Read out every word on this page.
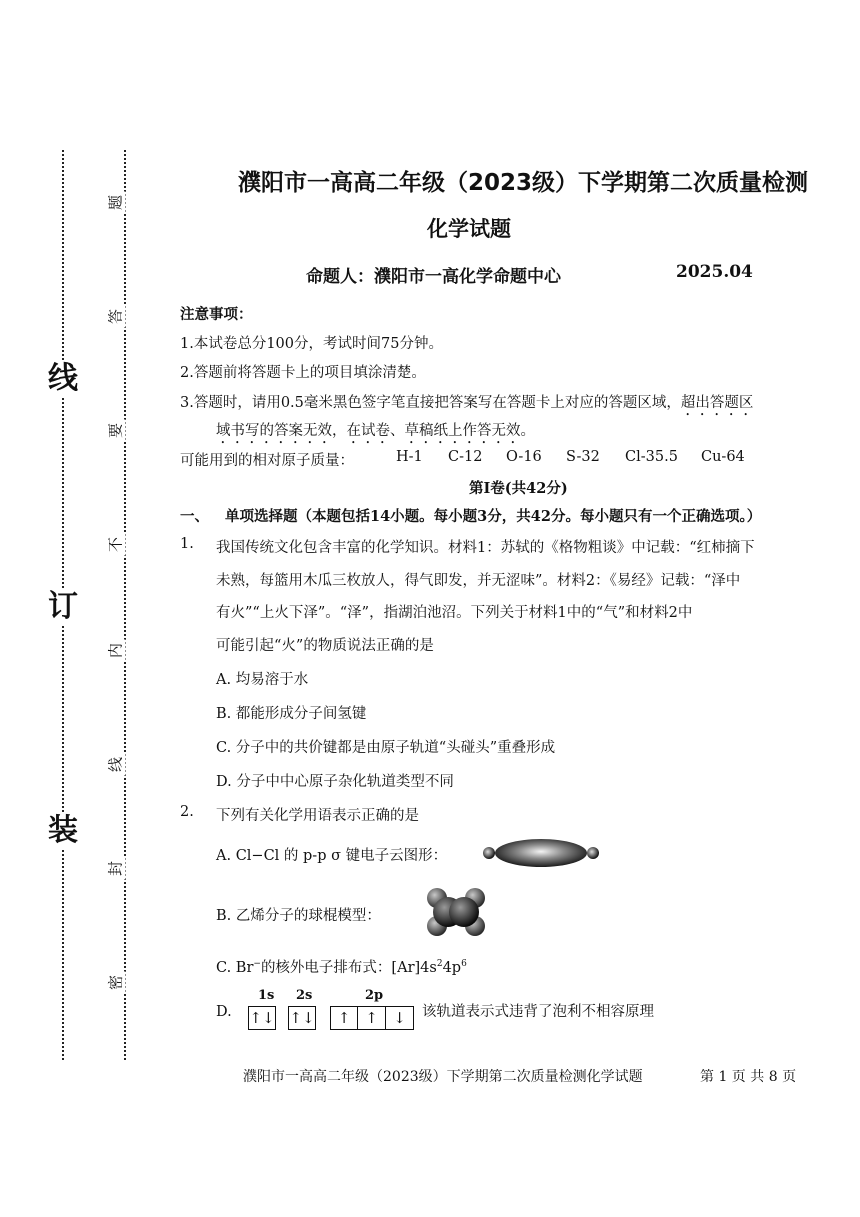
装
订
线
密
封
线
内
不
要
答
题
濮阳市一高高二年级（2023级）下学期第二次质量检测
化学试题
命题人：濮阳市一高化学命题中心	2025.04
注意事项：
1.本试卷总分100分，考试时间75分钟。
2.答题前将答题卡上的项目填涂清楚。
3.答题时，请用0.5毫米黑色签字笔直接把答案写在答题卡上对应的答题区域，超出答题区
域书写的答案无效，在试卷、草稿纸上作答无效。
可能用到的相对原子质量：	H-1 C-12 O-16 S-32 Cl-35.5 Cu-64
第Ⅰ卷(共42分)
一、 单项选择题（本题包括14小题。每小题3分，共42分。每小题只有一个正确选项。）
1. 我国传统文化包含丰富的化学知识。材料1：苏轼的《格物粗谈》中记载：“红柿摘下
未熟，每篮用木瓜三枚放人，得气即发，并无涩味”。材料2：《易经》记载：“泽中
有火”“上火下泽”。“泽”，指湖泊池沼。下列关于材料1中的“气”和材料2中
可能引起“火”的物质说法正确的是
A. 均易溶于水
B. 都能形成分子间氢键
C. 分子中的共价键都是由原子轨道“头碰头”重叠形成
D. 分子中中心原子杂化轨道类型不同
2. 下列有关化学用语表示正确的是
A. Cl−Cl 的 p-p σ 键电子云图形：
B. 乙烯分子的球棍模型：
C. Br−的核外电子排布式：$[Ar]4s^24p^6$
D.
1s 2s	2p
↑↓ ↑↓	↑ ↑ ↓	该轨道表示式违背了泡利不相容原理
濮阳市一高高二年级（2023级）下学期第二次质量检测化学试题	第 1 页 共 8 页
